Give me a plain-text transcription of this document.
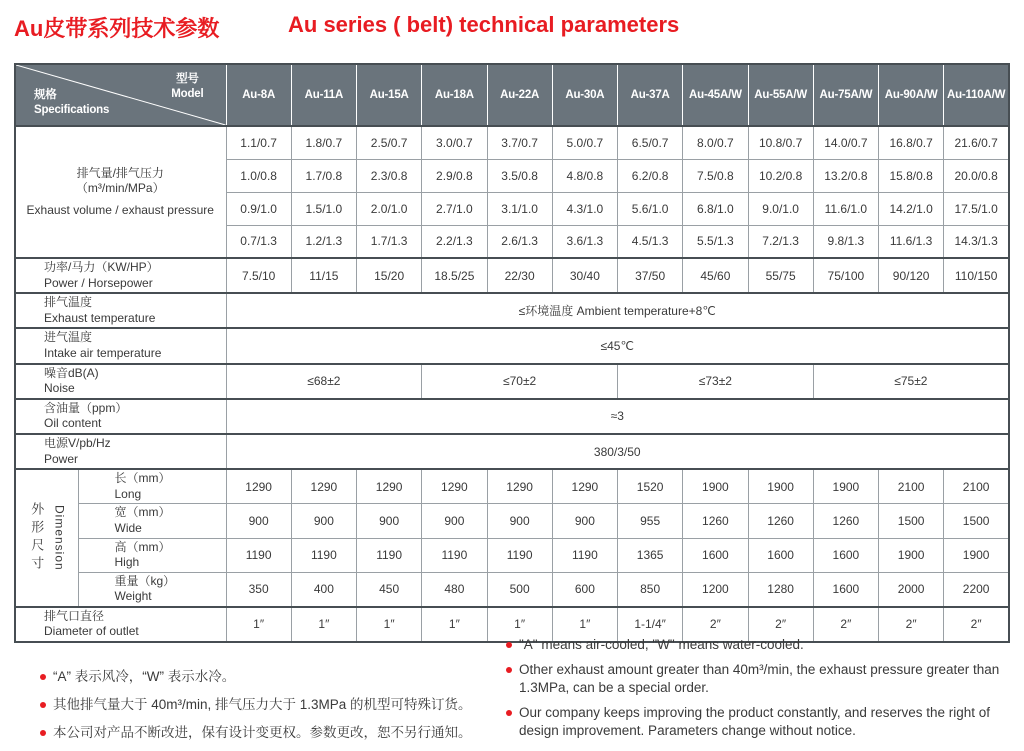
Au皮带系列技术参数	Au series ( belt) technical parameters
型号
Model
规格
Specifications		Au-8A	Au-11A	Au-15A	Au-18A	Au-22A	Au-30A	Au-37A	Au-45A/W	Au-55A/W	Au-75A/W	Au-90A/W	Au-110A/W

排气量/排气压力
（m³/min/MPa）
Exhaust volume / exhaust pressure		1.1/0.7	1.8/0.7	2.5/0.7	3.0/0.7	3.7/0.7	5.0/0.7	6.5/0.7	8.0/0.7	10.8/0.7	14.0/0.7	16.8/0.7	21.6/0.7
		1.0/0.8	1.7/0.8	2.3/0.8	2.9/0.8	3.5/0.8	4.8/0.8	6.2/0.8	7.5/0.8	10.2/0.8	13.2/0.8	15.8/0.8	20.0/0.8
		0.9/1.0	1.5/1.0	2.0/1.0	2.7/1.0	3.1/1.0	4.3/1.0	5.6/1.0	6.8/1.0	9.0/1.0	11.6/1.0	14.2/1.0	17.5/1.0
		0.7/1.3	1.2/1.3	1.7/1.3	2.2/1.3	2.6/1.3	3.6/1.3	4.5/1.3	5.5/1.3	7.2/1.3	9.8/1.3	11.6/1.3	14.3/1.3

功率/马力（KW/HP）
Power / Horsepower		7.5/10	11/15	15/20	18.5/25	22/30	30/40	37/50	45/60	55/75	75/100	90/120	110/150

排气温度
Exhaust temperature		≤环境温度 Ambient temperature+8℃											

进气温度
Intake air temperature		≤45℃											

噪音dB(A)
Noise		≤68±2			≤70±2			≤73±2			≤75±2		

含油量（ppm）
Oil content		≈3											

电源V/pb/Hz
Power		380/3/50											

外形尺寸 Dimension

长（mm）
Long	1290	1290	1290	1290	1290	1290	1520	1900	1900	1900	2100	2100

	宽（mm）
Wide	900	900	900	900	900	900	955	1260	1260	1260	1500	1500

	高（mm）
High	1190	1190	1190	1190	1190	1190	1365	1600	1600	1600	1900	1900

	重量（kg）
Weight	350	400	450	480	500	600	850	1200	1280	1600	2000	2200

排气口直径
Diameter of outlet		1″	1″	1″	1″	1″	1″	1-1/4″	2″	2″	2″	2″	2″
“A” 表示风冷，“W” 表示水冷。
其他排气量大于 40m³/min, 排气压力大于 1.3MPa 的机型可特殊订货。
本公司对产品不断改进，保有设计变更权。参数更改，恕不另行通知。
"A" means air-cooled, "W" means water-cooled.
Other exhaust amount greater than 40m³/min, the exhaust pressure greater than 1.3MPa, can be a special order.
Our company keeps improving the product constantly, and reserves the right of design improvement. Parameters change without notice.
